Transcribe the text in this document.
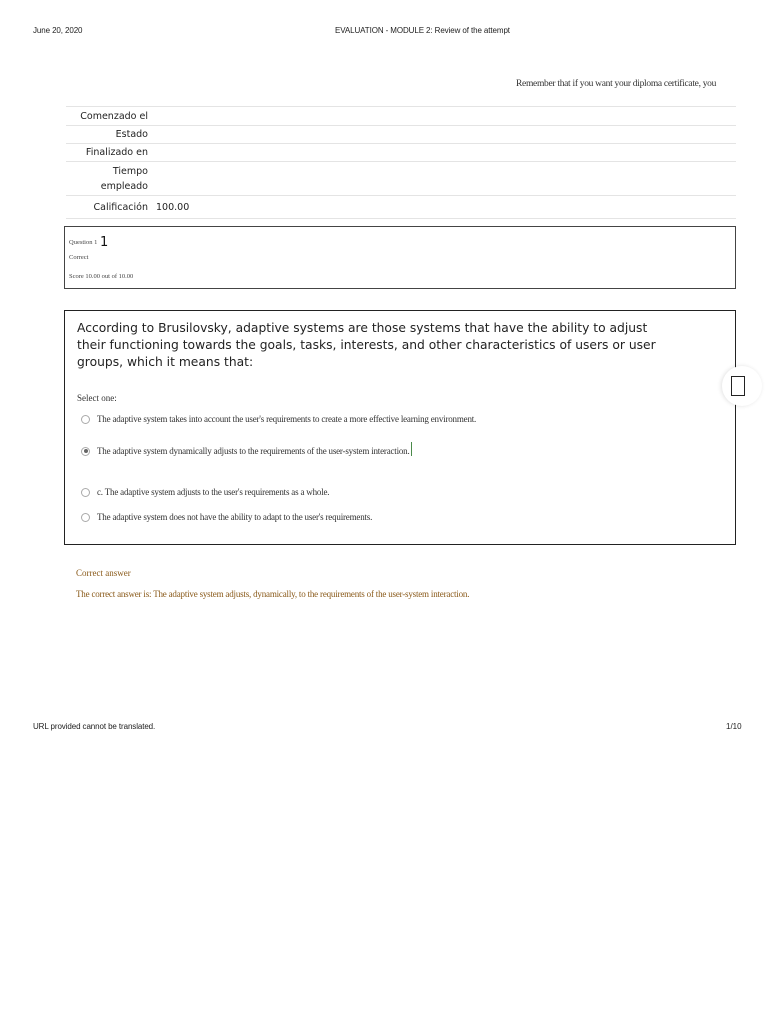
June 20, 2020	EVALUATION - MODULE 2: Review of the attempt
Remember that if you want your diploma certificate, you
Comenzado el
Estado
Finalizado en
Tiempo empleado
Calificación 100.00
Question 1 1
Correct
Score 10.00 out of 10.00
According to Brusilovsky, adaptive systems are those systems that have the ability to adjust their functioning towards the goals, tasks, interests, and other characteristics of users or user groups, which it means that:
Select one:
The adaptive system takes into account the user's requirements to create a more effective learning environment.
The adaptive system dynamically adjusts to the requirements of the user-system interaction.
c. The adaptive system adjusts to the user's requirements as a whole.
The adaptive system does not have the ability to adapt to the user's requirements.
Correct answer
The correct answer is: The adaptive system adjusts, dynamically, to the requirements of the user-system interaction.
URL provided cannot be translated.	1/10
